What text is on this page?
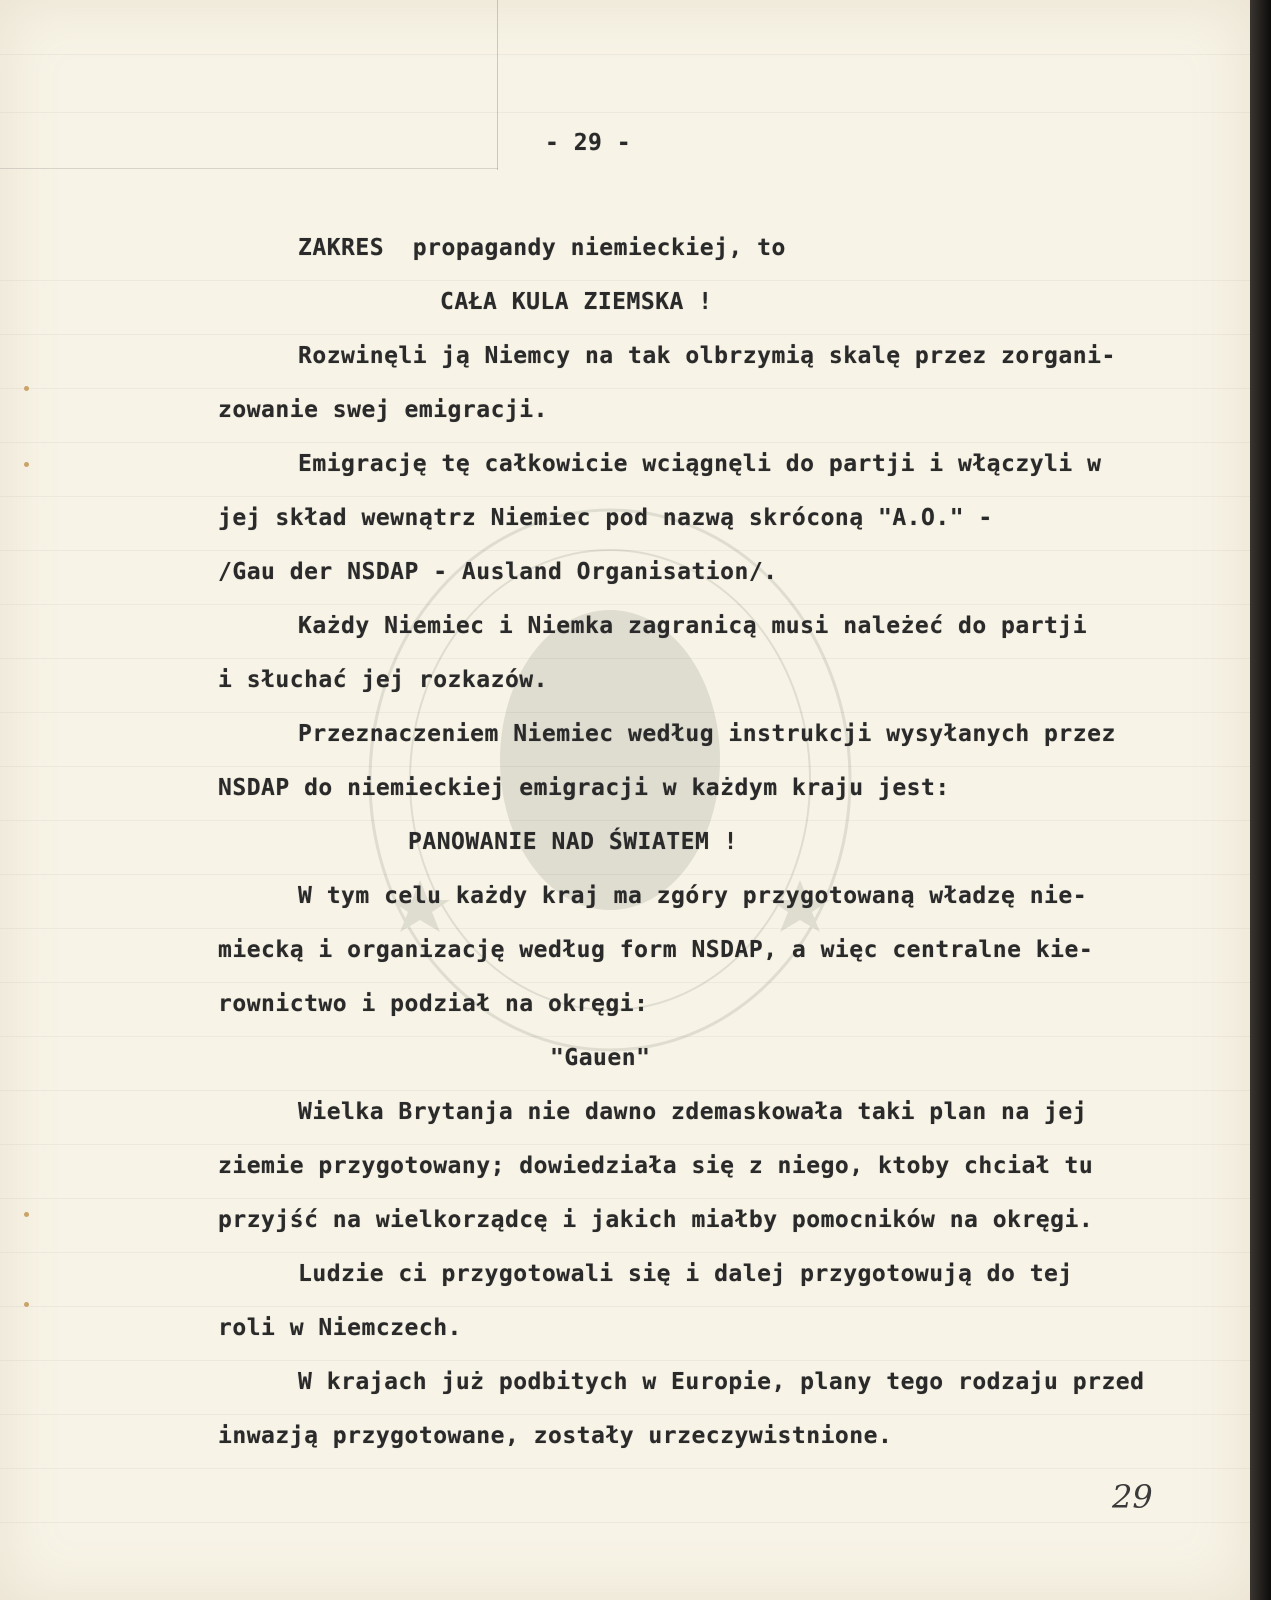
- 29 -
ZAKRES  propagandy niemieckiej, to
CAŁA KULA ZIEMSKA !
Rozwinęli ją Niemcy na tak olbrzymią skalę przez zorgani-
zowanie swej emigracji.
Emigrację tę całkowicie wciągnęli do partji i włączyli w
jej skład wewnątrz Niemiec pod nazwą skróconą "A.O." -
/Gau der NSDAP - Ausland Organisation/.
Każdy Niemiec i Niemka zagranicą musi należeć do partji
i słuchać jej rozkazów.
Przeznaczeniem Niemiec według instrukcji wysyłanych przez
NSDAP do niemieckiej emigracji w każdym kraju jest:
PANOWANIE NAD ŚWIATEM !
W tym celu każdy kraj ma zgóry przygotowaną władzę nie-
miecką i organizację według form NSDAP, a więc centralne kie-
rownictwo i podział na okręgi:
"Gauen"
Wielka Brytanja nie dawno zdemaskowała taki plan na jej
ziemie przygotowany; dowiedziała się z niego, ktoby chciał tu
przyjść na wielkorządcę i jakich miałby pomocników na okręgi.
Ludzie ci przygotowali się i dalej przygotowują do tej
roli w Niemczech.
W krajach już podbitych w Europie, plany tego rodzaju przed
inwazją przygotowane, zostały urzeczywistnione.
29
